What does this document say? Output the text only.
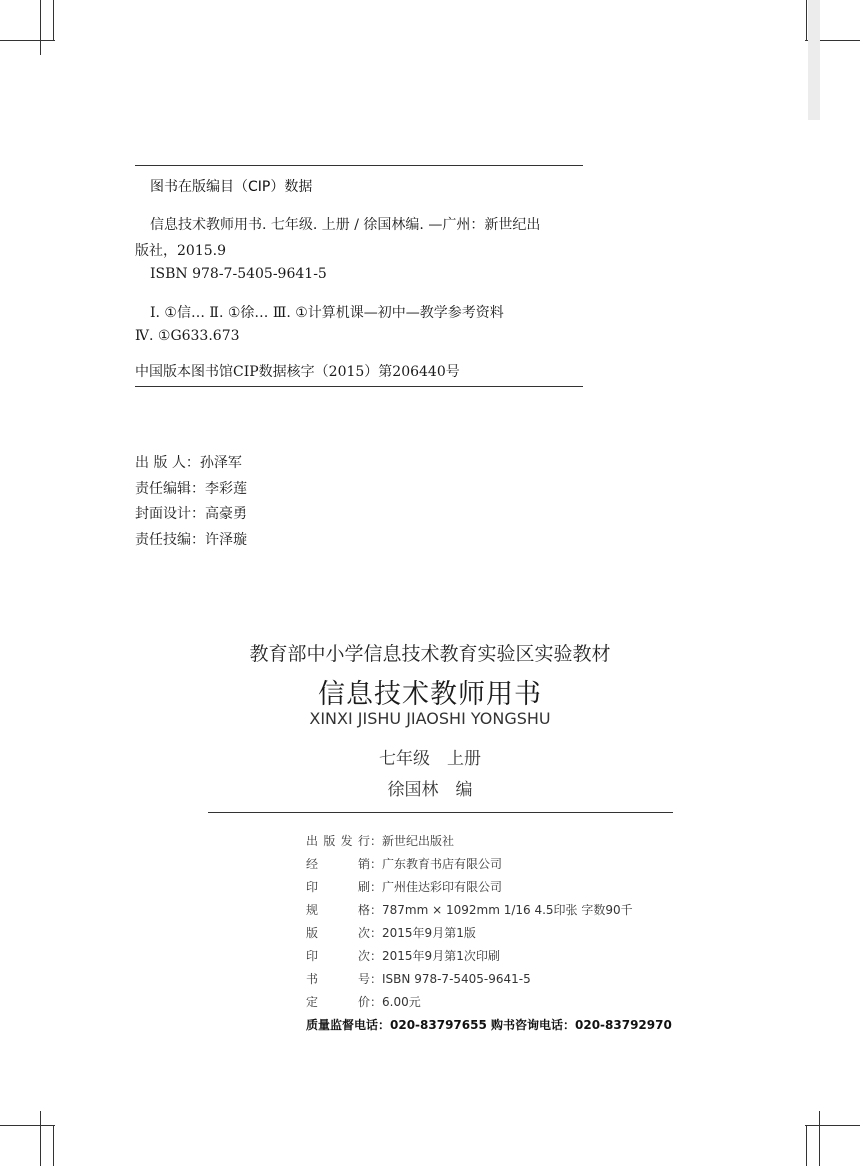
图书在版编目（CIP）数据
信息技术教师用书. 七年级. 上册 / 徐国林编. —广州：新世纪出
版社，2015.9
ISBN 978-7-5405-9641-5
Ⅰ. ①信… Ⅱ. ①徐… Ⅲ. ①计算机课—初中—教学参考资料
Ⅳ. ①G633.673
中国版本图书馆CIP数据核字（2015）第206440号
出 版 人：孙泽军
责任编辑：李彩莲
封面设计：高豪勇
责任技编：许泽璇
教育部中小学信息技术教育实验区实验教材
信息技术教师用书
XINXI JISHU JIAOSHI YONGSHU
七年级　上册
徐国林　编
出版发行：新世纪出版社
经销：广东教育书店有限公司
印刷：广州佳达彩印有限公司
规格：787mm × 1092mm 1/16 4.5印张 字数90千
版次：2015年9月第1版
印次：2015年9月第1次印刷
书号：ISBN 978-7-5405-9641-5
定价：6.00元
质量监督电话：020-83797655 购书咨询电话：020-83792970
